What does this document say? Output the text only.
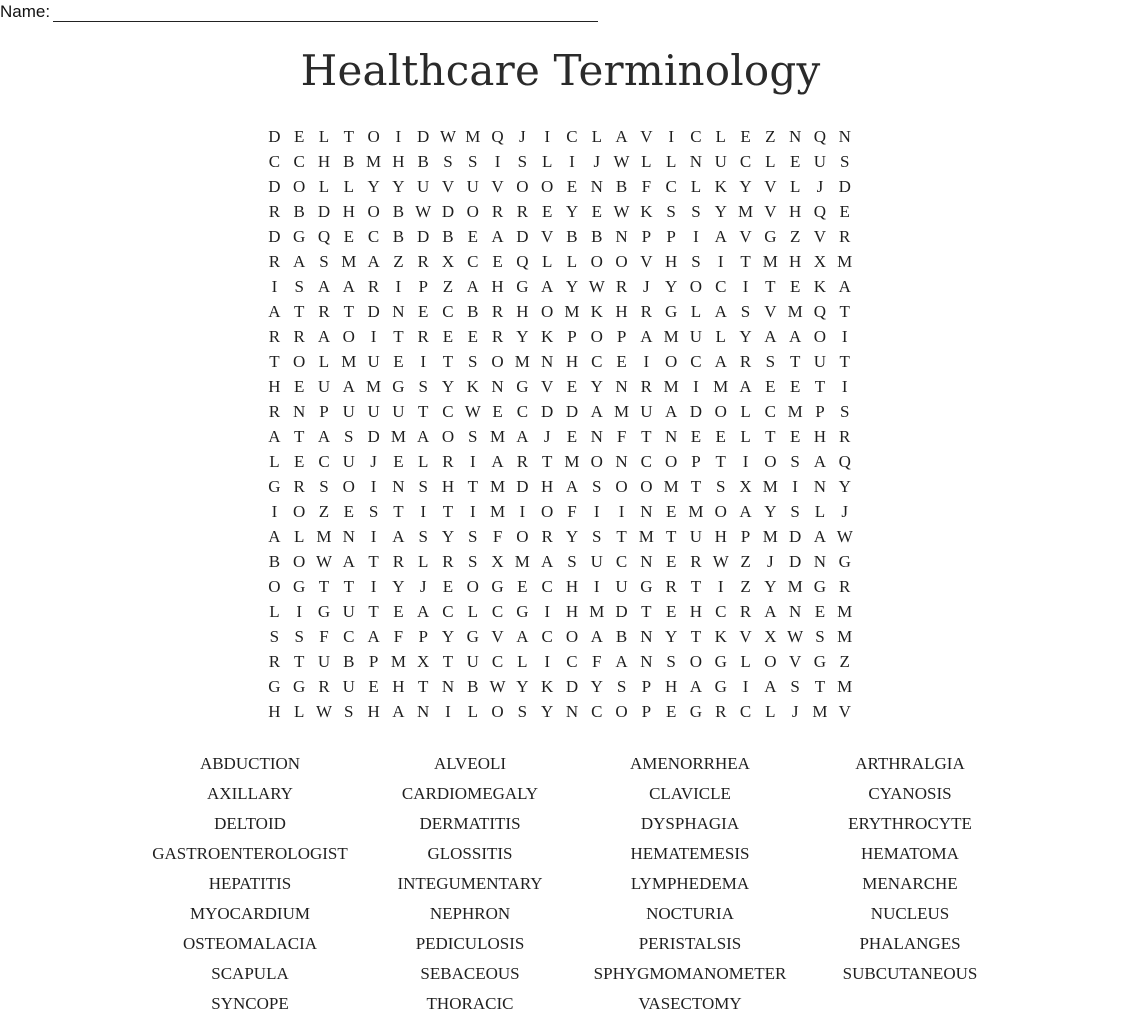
Name:
Healthcare Terminology
D E L T O I D W M Q J	I C L A V I C L E Z N Q N
C C H B M H B S S	I	S L I	J W L L N U C L E U S
D O L L Y Y U V U V O O E N B F C L K Y V L J D
R B D H O B W D O R R E Y E W K S S Y M V H Q E
D G Q E C B D B E A D V B B N P P	I A V G Z V R
R A S M A Z R X C E Q L L O O V H S	I T M H X M
I	S A A R I	P Z A H G A Y W R J Y O C I T E K A
A T R T D N E C B R H O M K H R G L A S V M Q T
R R A O I T R E E R Y K P O P A M U L Y A A O I
T O L M U E I T S O M N H C E I O C A R S T U T
H E U A M G S Y K N G V E Y N R M I M A E E T I
R N P U U U T C W E C D D A M U A D O L C M P S
A T A S D M A O S M A J E N F T N E E L T E H R
L E C U J E L R I A R T M O N C O P T I O S A Q
G R S O I N S H T M D H A S O O M T S X M I N Y
I O Z E S T I T I M I O F	I	I N E M O A Y S L J
A L M N I A S Y S F O R Y S T M T U H P M D A W
B O W A T R L R S X M A S U C N E R W Z J D N G
O G T T I Y J E O G E C H I U G R T I Z Y M G R
L I G U T E A C L C G I H M D T E H C R A N E M
S S F C A F P Y G V A C O A B N Y T K V X W S M
R T U B P M X T U C L I C F A N S O G L O V G Z
G G R U E H T N B W Y K D Y S P H A G I A S T M
H L W S H A N I L O S Y N C O P E G R C L J M V
ABDUCTION	ALVEOLI	AMENORRHEA	ARTHRALGIA
AXILLARY	CARDIOMEGALY	CLAVICLE	CYANOSIS
DELTOID	DERMATITIS	DYSPHAGIA	ERYTHROCYTE
GASTROENTEROLOGIST	GLOSSITIS	HEMATEMESIS	HEMATOMA
HEPATITIS	INTEGUMENTARY	LYMPHEDEMA	MENARCHE
MYOCARDIUM	NEPHRON	NOCTURIA	NUCLEUS
OSTEOMALACIA	PEDICULOSIS	PERISTALSIS	PHALANGES
SCAPULA	SEBACEOUS	SPHYGMOMANOMETER	SUBCUTANEOUS
SYNCOPE	THORACIC	VASECTOMY
